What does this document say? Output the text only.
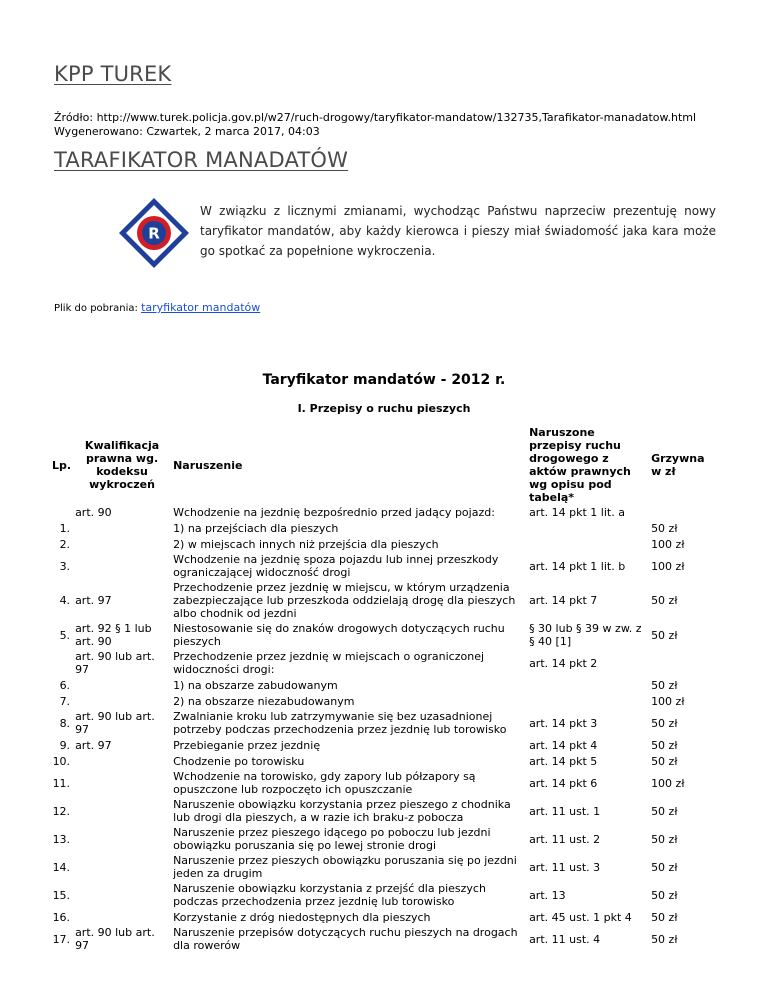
KPP TUREK
Źródło: http://www.turek.policja.gov.pl/w27/ruch-drogowy/taryfikator-mandatow/132735,Tarafikator-manadatow.html
Wygenerowano: Czwartek, 2 marca 2017, 04:03
TARAFIKATOR MANADATÓW
R
W związku z licznymi zmianami, wychodząc Państwu naprzeciw prezentuję nowy taryfikator mandatów, aby każdy kierowca i pieszy miał świadomość jaka kara może go spotkać za popełnione wykroczenia.
Plik do pobrania: taryfikator mandatów
Taryfikator mandatów - 2012 r.
I. Przepisy o ruchu pieszych
Lp.	Kwalifikacja prawna wg. kodeksu wykroczeń	Naruszenie	Naruszone przepisy ruchu drogowego z aktów prawnych wg opisu pod tabelą*	Grzywna w zł
	art. 90	Wchodzenie na jezdnię bezpośrednio przed jadący pojazd:	art. 14 pkt 1 lit. a	
1.		1) na przejściach dla pieszych		50 zł
2.		2) w miejscach innych niż przejścia dla pieszych		100 zł
3.		Wchodzenie na jezdnię spoza pojazdu lub innej przeszkody ograniczającej widoczność drogi	art. 14 pkt 1 lit. b	100 zł
4.	art. 97	Przechodzenie przez jezdnię w miejscu, w którym urządzenia zabezpieczające lub przeszkoda oddzielają drogę dla pieszych albo chodnik od jezdni	art. 14 pkt 7	50 zł
5.	art. 92 § 1 lub art. 90	Niestosowanie się do znaków drogowych dotyczących ruchu pieszych	§ 30 lub § 39 w zw. z § 40 [1]	50 zł
	art. 90 lub art. 97	Przechodzenie przez jezdnię w miejscach o ograniczonej widoczności drogi:	art. 14 pkt 2	
6.		1) na obszarze zabudowanym		50 zł
7.		2) na obszarze niezabudowanym		100 zł
8.	art. 90 lub art. 97	Zwalnianie kroku lub zatrzymywanie się bez uzasadnionej potrzeby podczas przechodzenia przez jezdnię lub torowisko	art. 14 pkt 3	50 zł
9.	art. 97	Przebieganie przez jezdnię	art. 14 pkt 4	50 zł
10.		Chodzenie po torowisku	art. 14 pkt 5	50 zł
11.		Wchodzenie na torowisko, gdy zapory lub półzapory są opuszczone lub rozpoczęto ich opuszczanie	art. 14 pkt 6	100 zł
12.		Naruszenie obowiązku korzystania przez pieszego z chodnika lub drogi dla pieszych, a w razie ich braku-z pobocza	art. 11 ust. 1	50 zł
13.		Naruszenie przez pieszego idącego po poboczu lub jezdni obowiązku poruszania się po lewej stronie drogi	art. 11 ust. 2	50 zł
14.		Naruszenie przez pieszych obowiązku poruszania się po jezdni jeden za drugim	art. 11 ust. 3	50 zł
15.		Naruszenie obowiązku korzystania z przejść dla pieszych podczas przechodzenia przez jezdnię lub torowisko	art. 13	50 zł
16.		Korzystanie z dróg niedostępnych dla pieszych	art. 45 ust. 1 pkt 4	50 zł
17.	art. 90 lub art. 97	Naruszenie przepisów dotyczących ruchu pieszych na drogach dla rowerów	art. 11 ust. 4	50 zł
